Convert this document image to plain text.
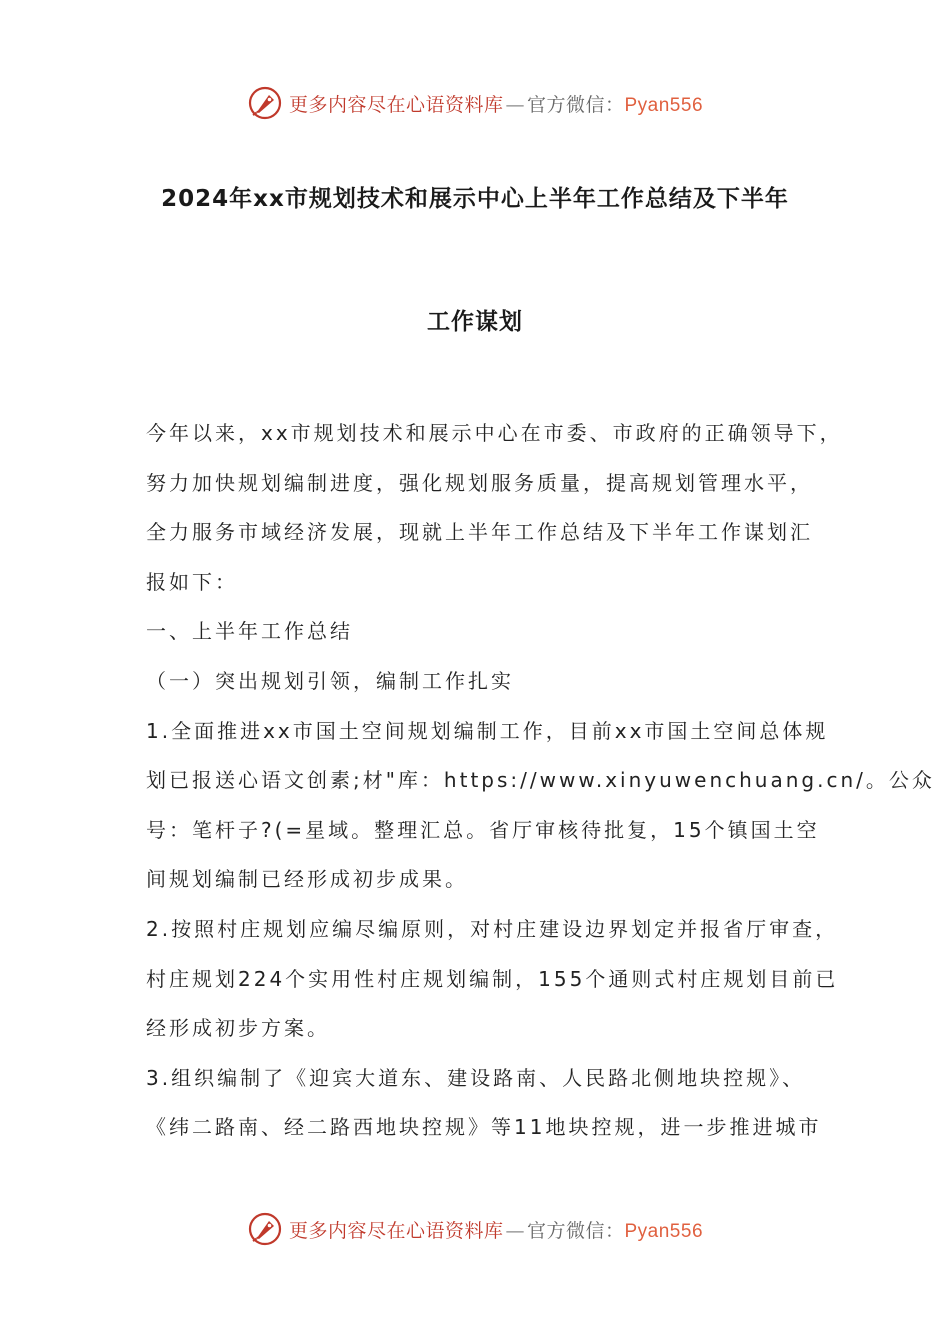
更多内容尽在心语资料库 — 官方微信：Pyan556
2024年xx市规划技术和展示中心上半年工作总结及下半年
工作谋划
今年以来，xx市规划技术和展示中心在市委、市政府的正确领导下，
努力加快规划编制进度，强化规划服务质量，提高规划管理水平，
全力服务市域经济发展，现就上半年工作总结及下半年工作谋划汇
报如下：
一、上半年工作总结
（一）突出规划引领，编制工作扎实
1.全面推进xx市国土空间规划编制工作，目前xx市国土空间总体规
划已报送心语文创素;材"库：https://www.xinyuwenchuang.cn/。公众
号：笔杆子?(=星域。整理汇总。省厅审核待批复，15个镇国土空
间规划编制已经形成初步成果。
2.按照村庄规划应编尽编原则，对村庄建设边界划定并报省厅审查，
村庄规划224个实用性村庄规划编制，155个通则式村庄规划目前已
经形成初步方案。
3.组织编制了《迎宾大道东、建设路南、人民路北侧地块控规》、
《纬二路南、经二路西地块控规》等11地块控规，进一步推进城市
更多内容尽在心语资料库 — 官方微信：Pyan556
